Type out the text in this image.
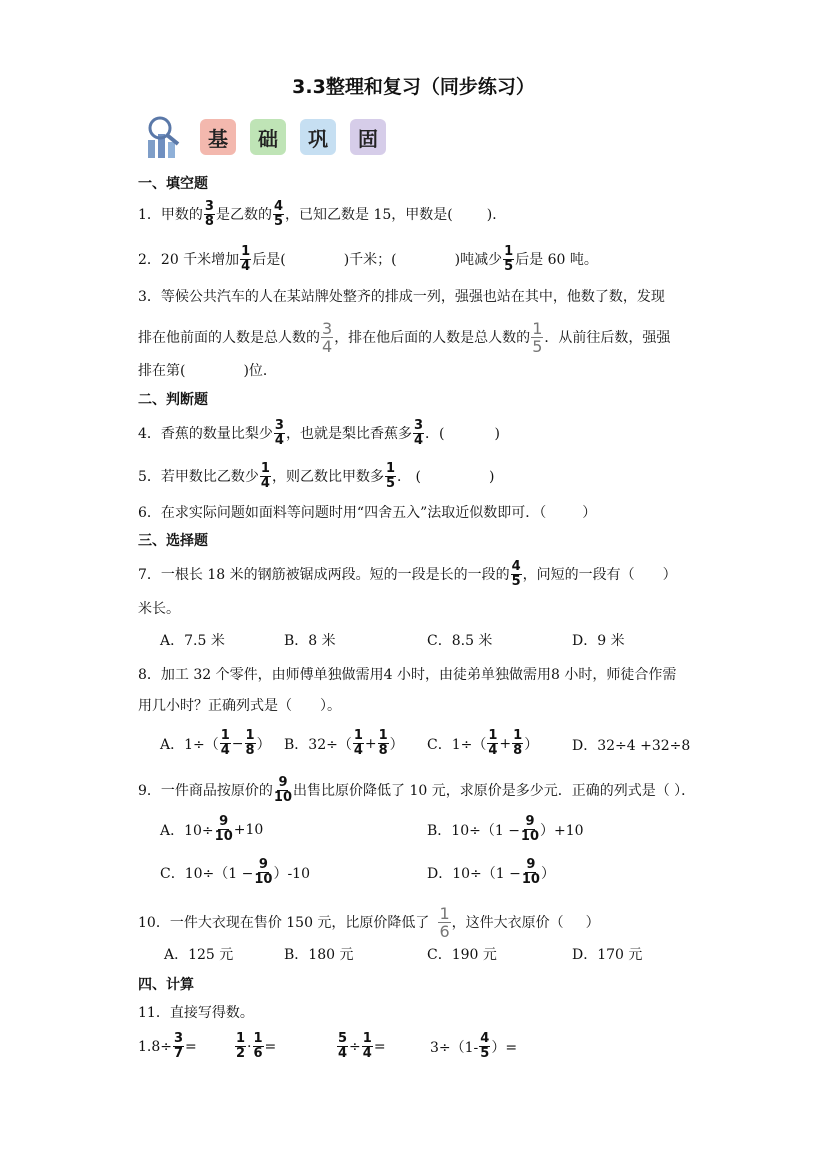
3.3整理和复习（同步练习）
基 础 巩 固
一、填空题
1．甲数的 $\frac{3}{8}$ 是乙数的 $\frac{4}{5}$ ，已知乙数是 15，甲数是( )．
2．20 千米增加 $\frac{1}{4}$ 后是(	)千米；(	)吨减少 $\frac{1}{5}$ 后是 60 吨。
3．等候公共汽车的人在某站牌处整齐的排成一列，强强也站在其中，他数了数，发现
排在他前面的人数是总人数的 $\frac{3}{4}$ ，排在他后面的人数是总人数的 $\frac{1}{5}$ ．从前往后数，强强
排在第(	)位．
二、判断题
4．香蕉的数量比梨少 $\frac{3}{4}$ ，也就是梨比香蕉多 $\frac{3}{4}$ ．(	)
5．若甲数比乙数少 $\frac{1}{4}$ ，则乙数比甲数多 $\frac{1}{5}$ ． (	)
6．在求实际问题如面料等问题时用“四舍五入”法取近似数即可．（	）
三、选择题
7．一根长 18 米的钢筋被锯成两段。短的一段是长的一段的 $\frac{4}{5}$ ，问短的一段有（ ）
米长。
A．7.5 米	B．8 米	C．8.5 米	D．9 米
8．加工 32 个零件，由师傅单独做需用4 小时，由徒弟单独做需用8 小时，师徒合作需
用几小时？正确列式是（　　）。
A．$1\div( \frac{1}{4} - \frac{1}{8}$ ） B．$32\div( \frac{1}{4} + \frac{1}{8}$ ） C．$1\div( \frac{1}{4} + \frac{1}{8}$ ） D．32÷4 +32÷8
9．一件商品按原价的 $\frac{9}{10}$ 出售比原价降低了 10 元，求原价是多少元．正确的列式是（ ）．
A．$10\div \frac{9}{10} +10$	B．$10\div(1 - \frac{9}{10} )+10$
C．$10\div(1 - \frac{9}{10} )-10$	D．$10\div(1 - \frac{9}{10}$ ）
10．一件大衣现在售价 150 元，比原价降低了 $\frac{1}{6}$ ，这件大衣原价（ ）
A．125 元	B．180 元	C．190 元	D．170 元
四、计算
11．直接写得数。
$1.8\div \frac{3}{7}$ =	$\frac{1}{2} \cdot \frac{1}{6}$ =	$\frac{5}{4} \div \frac{1}{4}$ =	$3\div(1- \frac{4}{5}$ ）=
